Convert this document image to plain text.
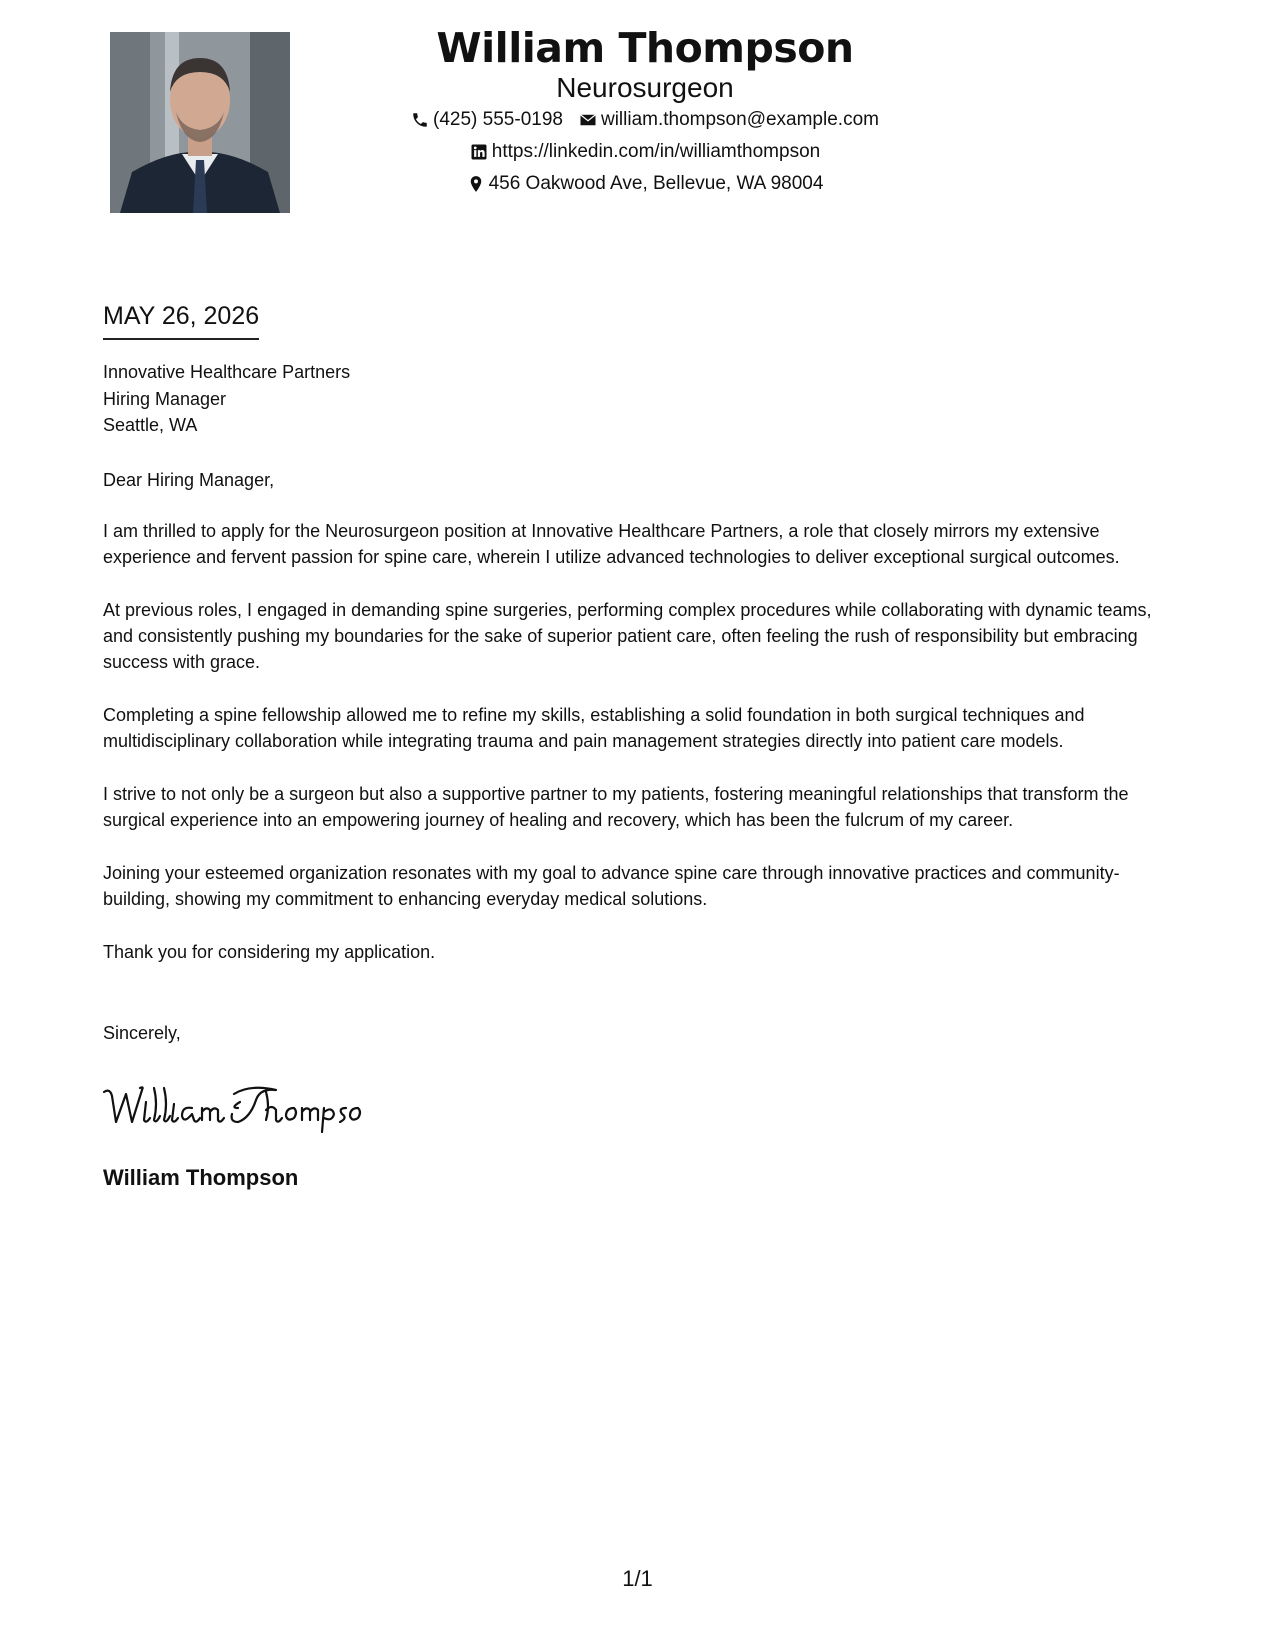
William Thompson
Neurosurgeon
(425) 555-0198 william.thompson@example.com
https://linkedin.com/in/williamthompson
456 Oakwood Ave, Bellevue, WA 98004
MAY 26, 2026
Innovative Healthcare Partners
Hiring Manager
Seattle, WA
Dear Hiring Manager,

I am thrilled to apply for the Neurosurgeon position at Innovative Healthcare Partners, a role that closely mirrors my extensive experience and fervent passion for spine care, wherein I utilize advanced technologies to deliver exceptional surgical outcomes.

At previous roles, I engaged in demanding spine surgeries, performing complex procedures while collaborating with dynamic teams, and consistently pushing my boundaries for the sake of superior patient care, often feeling the rush of responsibility but embracing success with grace.

Completing a spine fellowship allowed me to refine my skills, establishing a solid foundation in both surgical techniques and multidisciplinary collaboration while integrating trauma and pain management strategies directly into patient care models.

I strive to not only be a surgeon but also a supportive partner to my patients, fostering meaningful relationships that transform the surgical experience into an empowering journey of healing and recovery, which has been the fulcrum of my career.

Joining your esteemed organization resonates with my goal to advance spine care through innovative practices and community-building, showing my commitment to enhancing everyday medical solutions.

Thank you for considering my application.

Sincerely,
William Thompson
1/1
